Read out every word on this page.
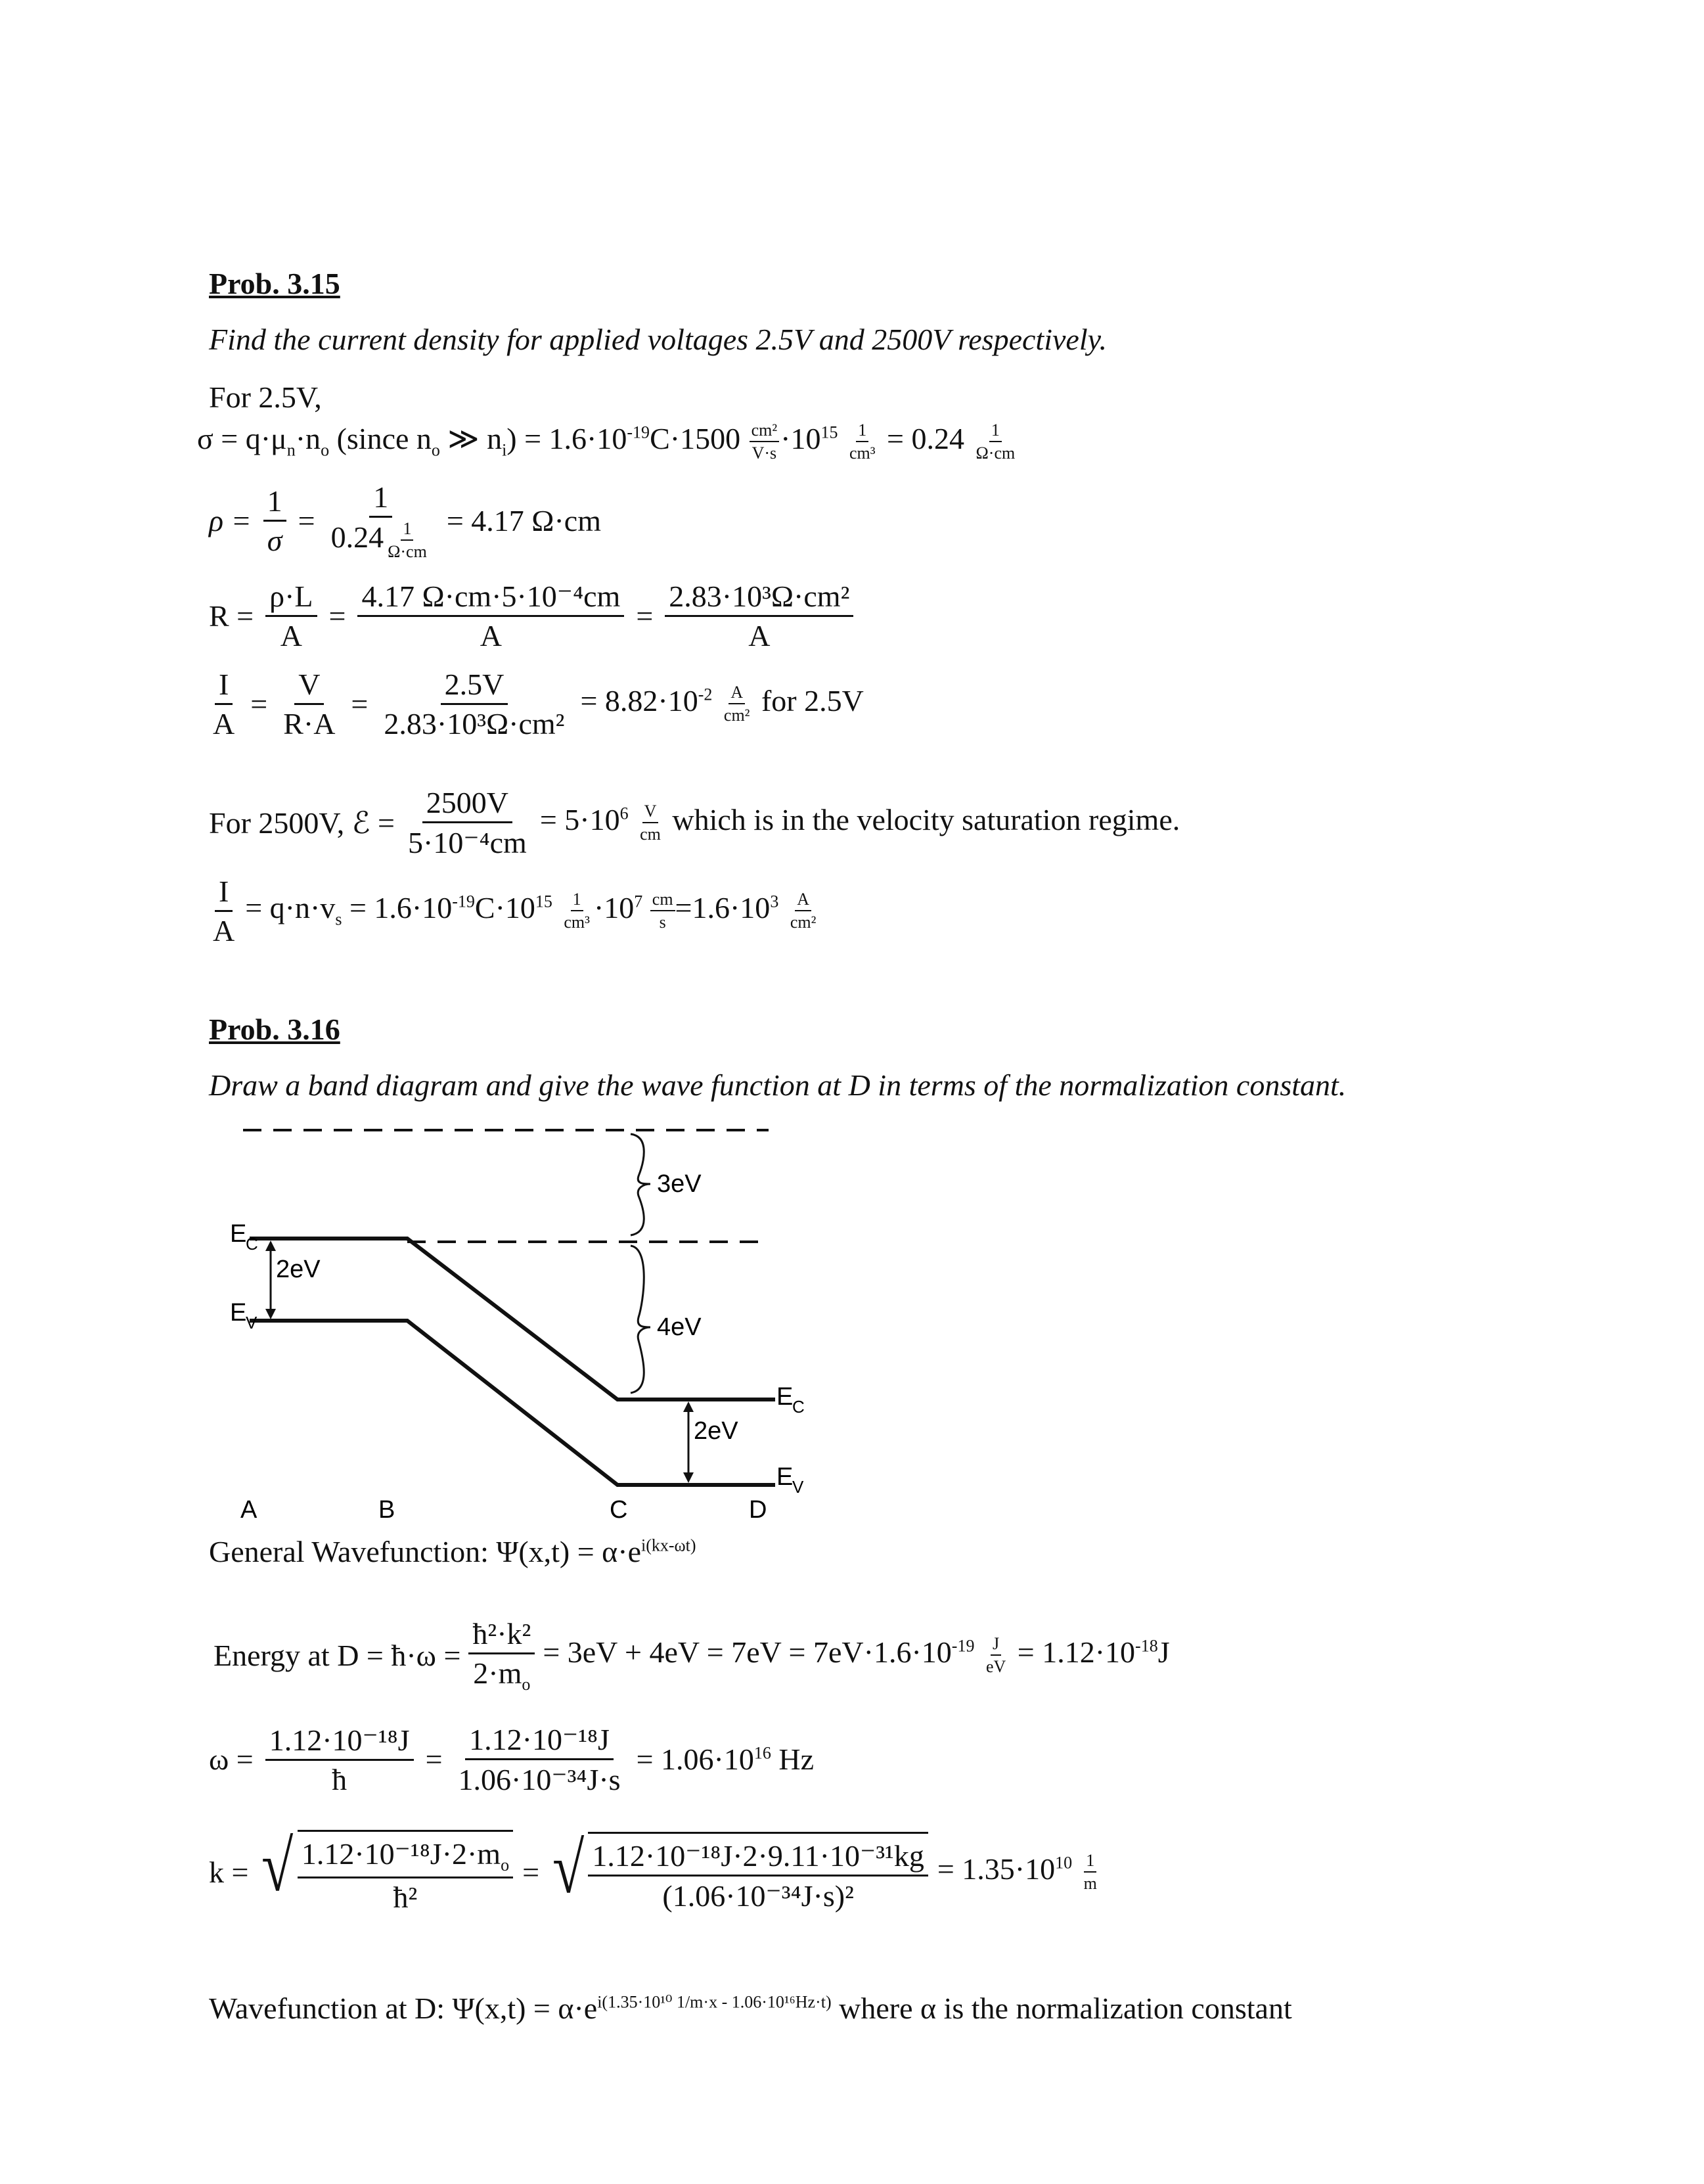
Prob. 3.15
Find the current density for applied voltages 2.5V and 2500V respectively.
For 2.5V,
$\sigma = q\cdot\mu_n\cdot n_o$ (since $n_o$ ≫ $n_i) = 1.6\cdot 10^{-19}C\cdot 1500 \frac{\text{cm²}}{V\cdot s} \cdot 10^{15} \frac{1}{\text{cm³}} = 0.24 \frac{1}{\Omega\cdot cm}$
$\rho = \frac{1}{\sigma} = \frac{1}{0.24 \frac{1}{\Omega\cdot cm}} = 4.17$ Ω·cm
$R = \frac{\rho\cdot L}{A} = \frac{\text{4.17 Ω·cm·5·10⁻⁴cm}}{A} = \frac{\text{2.83·10³Ω·cm²}}{A}$
$\frac{I}{A} = \frac{V}{R\cdot A} = \frac{2.5V}{\text{2.83·10³Ω·cm²}} = 8.82\cdot 10^{-2} \frac{A}{\text{cm²}}$ for 2.5V
For 2500V, ℰ = $\frac{2500V}{\text{5·10⁻⁴cm}} = 5\cdot 10^6 \frac{V}{cm}$ which is in the velocity saturation regime.
$\frac{I}{A} = q\cdot n\cdot v_s = 1.6\cdot 10^{-19}C\cdot 10^{15} \frac{1}{\text{cm³}} \cdot 10^7 \frac{cm}{s} =1.6\cdot 10^3 \frac{A}{\text{cm²}}$
Prob. 3.16
Draw a band diagram and give the wave function at D in terms of the normalization constant.
3eV
4eV
2eV
2eV
E
C
E
V
E
C
E
V
A	B	C	D
General Wavefunction: $\Psi(x,t) = \alpha\cdot e^{i(kx-\omega t)}$
Energy at D = ħ·ω = $\frac{\text{ħ²·k²}}{2\cdot m_o} = 3eV + 4eV = 7eV = 7eV\cdot 1.6\cdot 10^{-19} \frac{J}{eV} = 1.12\cdot 10^{-18}J$
$\omega = \frac{\text{1.12·10⁻¹⁸J}}{ħ} = \frac{\text{1.12·10⁻¹⁸J}}{\text{1.06·10⁻³⁴J·s}} = 1.06\cdot 10^{16}$ Hz
k = √ $\frac{1.12\cdot 10^{-18}J\cdot 2\cdot m_o}{\text{ħ²}}$ = √ $\frac{\text{1.12·10⁻¹⁸J·2·9.11·10⁻³¹kg}}{\text{(1.06·10⁻³⁴J·s)²}} = 1.35\cdot 10^{10} \frac{1}{m}$
Wavefunction at D: $\Psi(x,t) = \alpha\cdot e^{i(1.35\cdot 10^{10} 1/m\cdot x - 1.06\cdot 10^{16}Hz\cdot t)}$ where α is the normalization constant
